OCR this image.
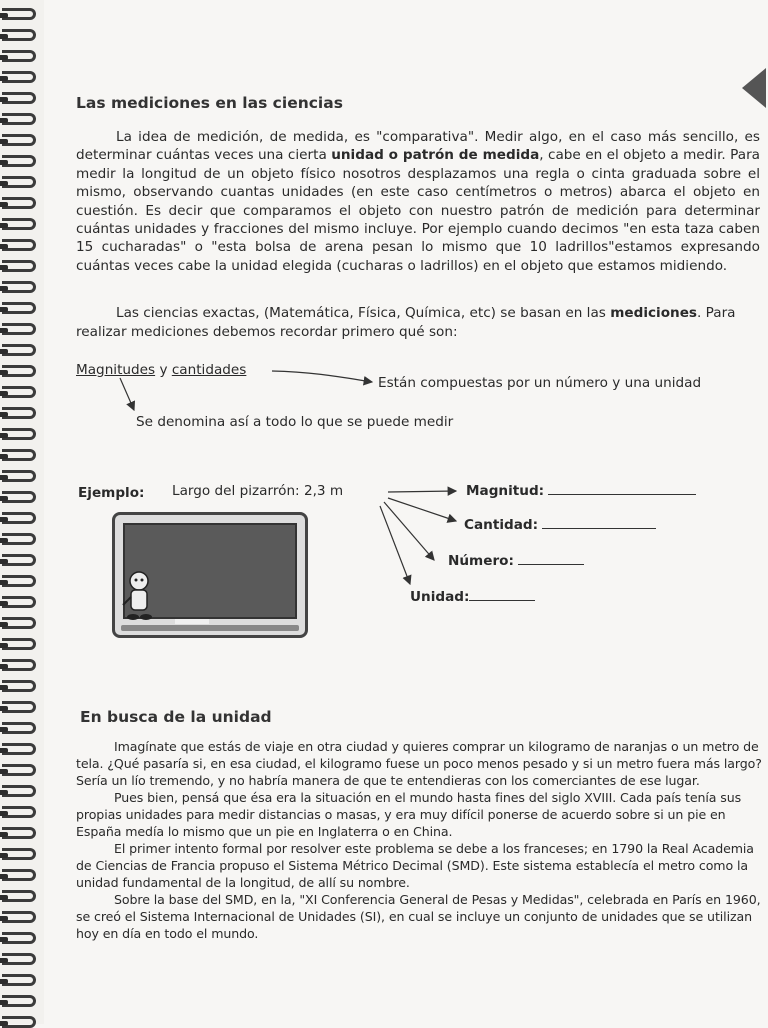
Las mediciones en las ciencias
La idea de medición, de medida, es "comparativa". Medir algo, en el caso más sencillo, es determinar cuántas veces una cierta unidad o patrón de medida, cabe en el objeto a medir. Para medir la longitud de un objeto físico nosotros desplazamos una regla o cinta graduada sobre el mismo, observando cuantas unidades (en este caso centímetros o metros) abarca el objeto en cuestión. Es decir que comparamos el objeto con nuestro patrón de medición para determinar cuántas unidades y fracciones del mismo incluye. Por ejemplo cuando decimos "en esta taza caben 15 cucharadas" o "esta bolsa de arena pesan lo mismo que 10 ladrillos"estamos expresando cuántas veces cabe la unidad elegida (cucharas o ladrillos) en el objeto que estamos midiendo.
Las ciencias exactas, (Matemática, Física, Química, etc) se basan en las mediciones. Para realizar mediciones debemos recordar primero qué son:
Magnitudes y cantidades
Están compuestas por un número y una unidad
Se denomina así a todo lo que se puede medir
Ejemplo: Largo del pizarrón: 2,3 m	Magnitud:
Cantidad:
Número:
Unidad:
En busca de la unidad

Imagínate que estás de viaje en otra ciudad y quieres comprar un kilogramo de naranjas o un metro de tela. ¿Qué pasaría si, en esa ciudad, el kilogramo fuese un poco menos pesado y si un metro fuera más largo? Sería un lío tremendo, y no habría manera de que te entendieras con los comerciantes de ese lugar.

Pues bien, pensá que ésa era la situación en el mundo hasta fines del siglo XVIII. Cada país tenía sus propias unidades para medir distancias o masas, y era muy difícil ponerse de acuerdo sobre si un pie en España medía lo mismo que un pie en Inglaterra o en China.

El primer intento formal por resolver este problema se debe a los franceses; en 1790 la Real Academia de Ciencias de Francia propuso el Sistema Métrico Decimal (SMD). Este sistema establecía el metro como la unidad fundamental de la longitud, de allí su nombre.

Sobre la base del SMD, en la, "XI Conferencia General de Pesas y Medidas", celebrada en París en 1960, se creó el Sistema Internacional de Unidades (SI), en cual se incluye un conjunto de unidades que se utilizan hoy en día en todo el mundo.
